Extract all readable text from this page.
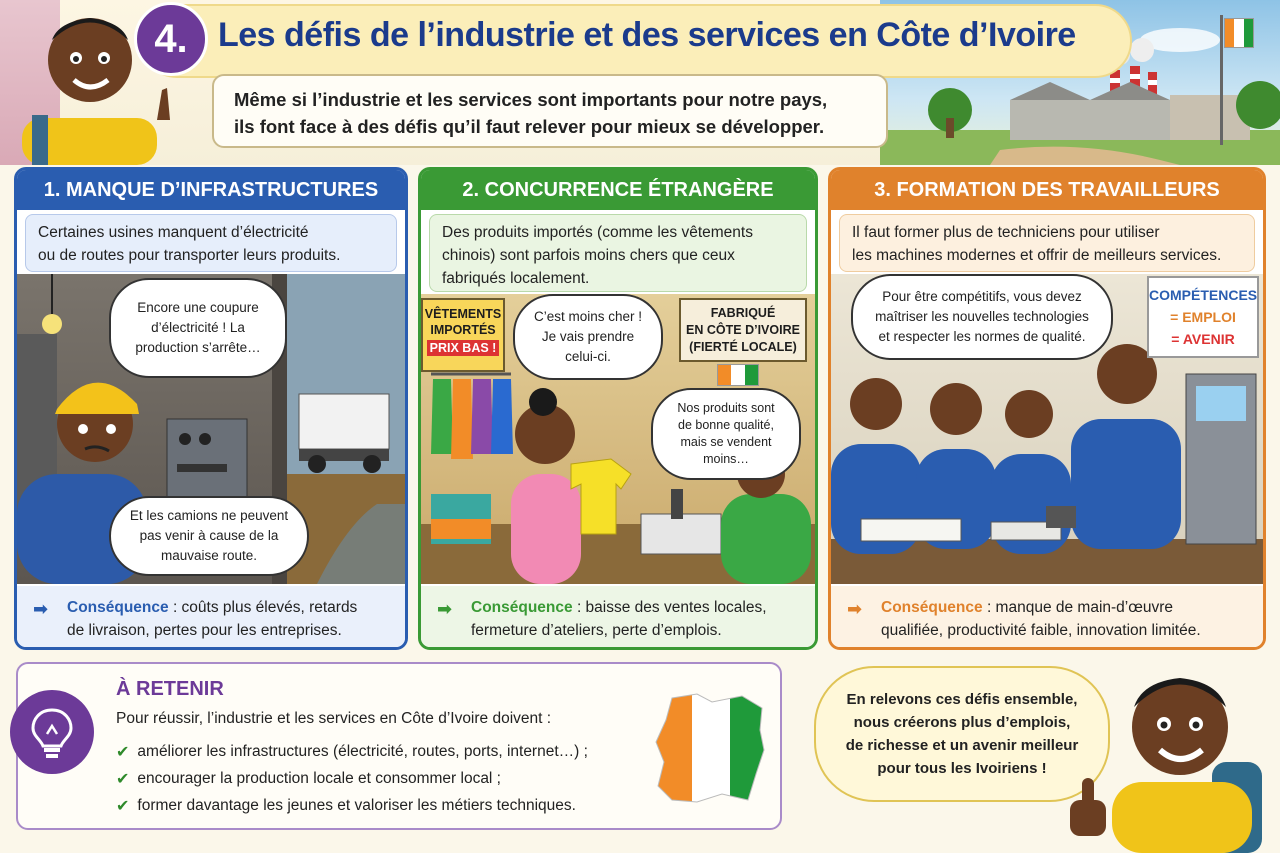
4. Les défis de l’industrie et des services en Côte d’Ivoire
Même si l’industrie et les services sont importants pour notre pays,
ils font face à des défis qu’il faut relever pour mieux se développer.
1. MANQUE D’INFRASTRUCTURES
Certaines usines manquent d’électricité
ou de routes pour transporter leurs produits.
Encore une coupure
d’électricité ! La
production s’arrête…
Et les camions ne peuvent
pas venir à cause de la
mauvaise route.
➡ Conséquence : coûts plus élevés, retards
de livraison, pertes pour les entreprises.
2. CONCURRENCE ÉTRANGÈRE
Des produits importés (comme les vêtements
chinois) sont parfois moins chers que ceux
fabriqués localement.
VÊTEMENTS
IMPORTÉS
PRIX BAS !
FABRIQUÉ
EN CÔTE D’IVOIRE
(FIERTÉ LOCALE)
C’est moins cher !
Je vais prendre
celui-ci.
Nos produits sont
de bonne qualité,
mais se vendent
moins…
➡ Conséquence : baisse des ventes locales,
fermeture d’ateliers, perte d’emplois.
3. FORMATION DES TRAVAILLEURS
Il faut former plus de techniciens pour utiliser
les machines modernes et offrir de meilleurs services.
Pour être compétitifs, vous devez
maîtriser les nouvelles technologies
et respecter les normes de qualité.
COMPÉTENCES
= EMPLOI
= AVENIR
➡ Conséquence : manque de main-d’œuvre
qualifiée, productivité faible, innovation limitée.
À RETENIR
Pour réussir, l’industrie et les services en Côte d’Ivoire doivent :
✔ améliorer les infrastructures (électricité, routes, ports, internet…) ;
✔ encourager la production locale et consommer local ;
✔ former davantage les jeunes et valoriser les métiers techniques.
En relevons ces défis ensemble,
nous créerons plus d’emplois,
de richesse et un avenir meilleur
pour tous les Ivoiriens !
